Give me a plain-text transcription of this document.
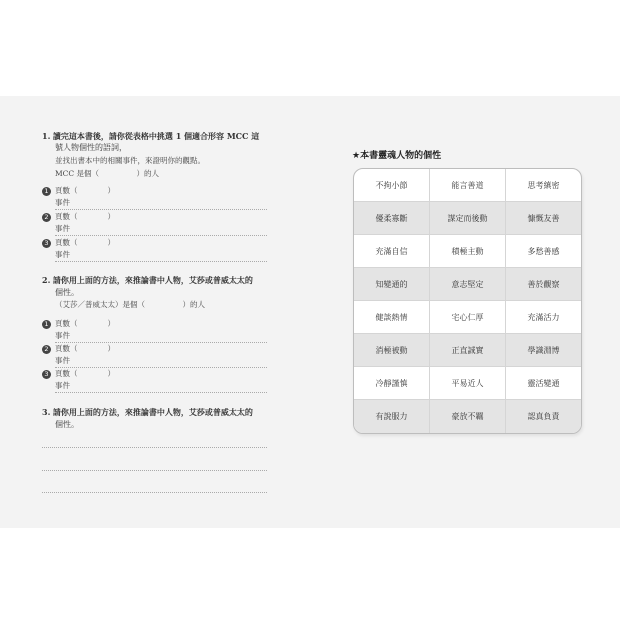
1. 讀完這本書後，請你從表格中挑選 1 個適合形容 MCC 這
號人物個性的語詞，
並找出書本中的相關事件，來證明你的觀點。
MCC 是個（　　　　　）的人
1 頁數（　　　　）
事件
2 頁數（　　　　）
事件
3 頁數（　　　　）
事件
2. 請你用上面的方法，來推論書中人物，艾莎或普威太太的
個性。
（艾莎／普威太太）是個（　　　　　）的人
1 頁數（　　　　）
事件
2 頁數（　　　　）
事件
3 頁數（　　　　）
事件
3. 請你用上面的方法，來推論書中人物，艾莎或普威太太的
個性。
★本書靈魂人物的個性
不拘小節	能言善道	思考縝密
優柔寡斷	謀定而後動	慷慨友善
充滿自信	積極主動	多愁善感
知變通的	意志堅定	善於觀察
健談熱情	宅心仁厚	充滿活力
消極被動	正直誠實	學識淵博
冷靜謹慎	平易近人	靈活變通
有說服力	豪放不羈	認真負責
